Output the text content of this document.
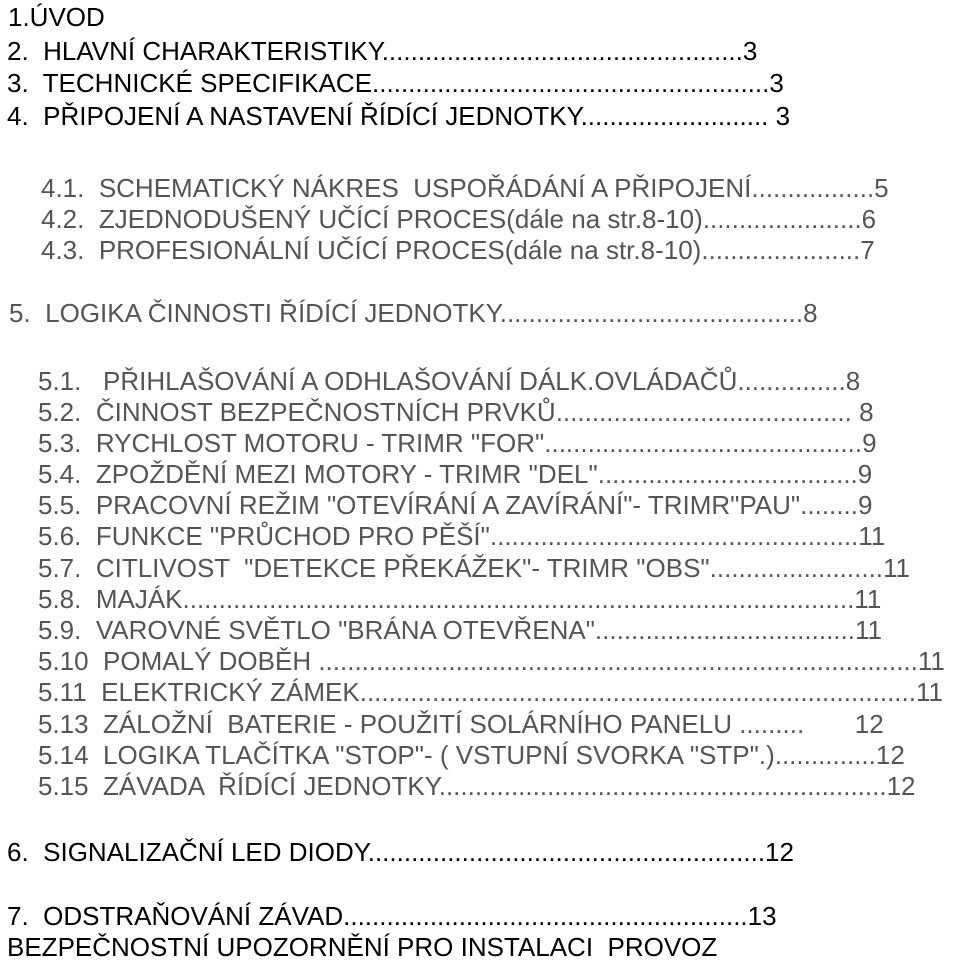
1.ÚVOD
2.  HLAVNÍ CHARAKTERISTIKY..................................................3
3.  TECHNICKÉ SPECIFIKACE.......................................................3
4.  PŘIPOJENÍ A NASTAVENÍ ŘÍDÍCÍ JEDNOTKY.......................... 3
4.1.  SCHEMATICKÝ NÁKRES  USPOŘÁDÁNÍ A PŘIPOJENÍ.................5
4.2.  ZJEDNODUŠENÝ UČÍCÍ PROCES(dále na str.8-10)......................6
4.3.  PROFESIONÁLNÍ UČÍCÍ PROCES(dále na str.8-10)......................7
5.  LOGIKA ČINNOSTI ŘÍDÍCÍ JEDNOTKY..........................................8
5.1.   PŘIHLAŠOVÁNÍ A ODHLAŠOVÁNÍ DÁLK.OVLÁDAČŮ...............8
5.2.  ČINNOST BEZPEČNOSTNÍCH PRVKŮ......................................... 8
5.3.  RYCHLOST MOTORU - TRIMR "FOR"............................................9
5.4.  ZPOŽDĚNÍ MEZI MOTORY - TRIMR "DEL"....................................9
5.5.  PRACOVNÍ REŽIM "OTEVÍRÁNÍ A ZAVÍRÁNÍ"- TRIMR"PAU"........9
5.6.  FUNKCE "PRŮCHOD PRO PĚŠÍ"...................................................11
5.7.  CITLIVOST  "DETEKCE PŘEKÁŽEK"- TRIMR "OBS"........................11
5.8.  MAJÁK.............................................................................................11
5.9.  VAROVNÉ SVĚTLO "BRÁNA OTEVŘENA"....................................11
5.10  POMALÝ DOBĚH ...................................................................................11
5.11  ELEKTRICKÝ ZÁMEK.............................................................................11
5.13  ZÁLOŽNÍ  BATERIE - POUŽITÍ SOLÁRNÍHO PANELU .........       12
5.14  LOGIKA TLAČÍTKA "STOP"- ( VSTUPNÍ SVORKA "STP".)..............12
5.15  ZÁVADA  ŘÍDÍCÍ JEDNOTKY..............................................................12
6.  SIGNALIZAČNÍ LED DIODY.......................................................12
7.  ODSTRAŇOVÁNÍ ZÁVAD........................................................13
BEZPEČNOSTNÍ UPOZORNĚNÍ PRO INSTALACI  PROVOZ
